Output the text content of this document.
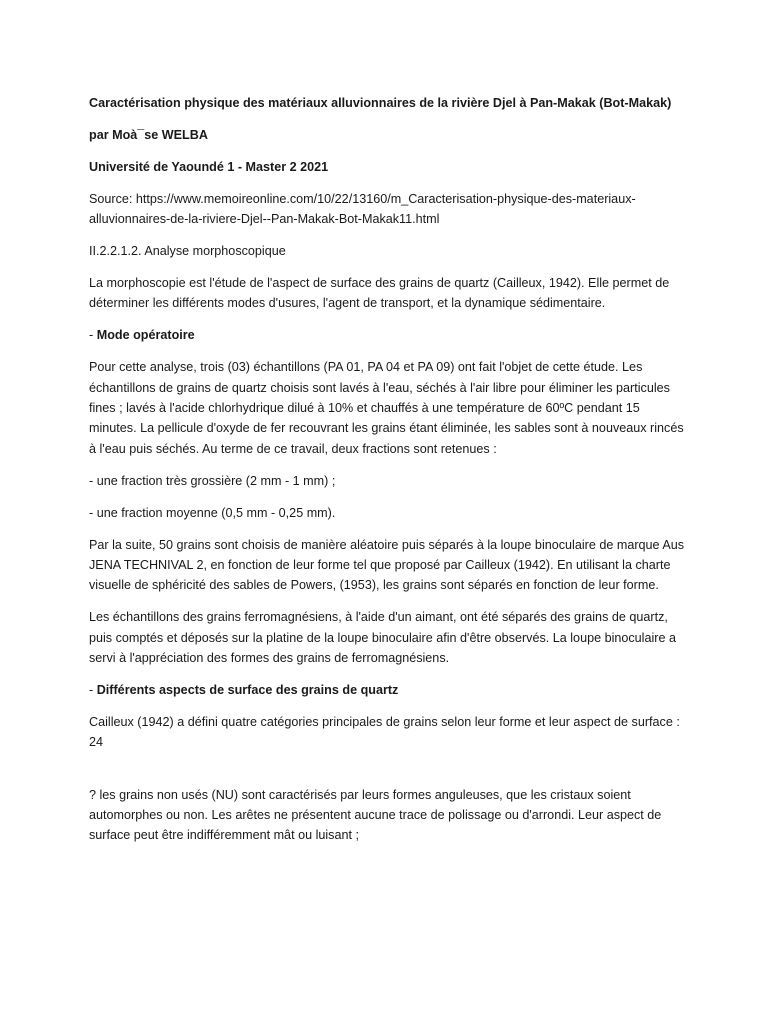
Caractérisation physique des matériaux alluvionnaires de la rivière Djel à Pan-Makak (Bot-Makak)

par Moà¯se WELBA

Université de Yaoundé 1 - Master 2 2021

Source: https://www.memoireonline.com/10/22/13160/m_Caracterisation-physique-des-materiaux-alluvionnaires-de-la-riviere-Djel--Pan-Makak-Bot-Makak11.html

II.2.2.1.2. Analyse morphoscopique

La morphoscopie est l'étude de l'aspect de surface des grains de quartz (Cailleux, 1942). Elle permet de déterminer les différents modes d'usures, l'agent de transport, et la dynamique sédimentaire.

- Mode opératoire

Pour cette analyse, trois (03) échantillons (PA 01, PA 04 et PA 09) ont fait l'objet de cette étude. Les échantillons de grains de quartz choisis sont lavés à l'eau, séchés à l'air libre pour éliminer les particules fines ; lavés à l'acide chlorhydrique dilué à 10% et chauffés à une température de 60ºC pendant 15 minutes. La pellicule d'oxyde de fer recouvrant les grains étant éliminée, les sables sont à nouveaux rincés à l'eau puis séchés. Au terme de ce travail, deux fractions sont retenues :

- une fraction très grossière (2 mm - 1 mm) ;

- une fraction moyenne (0,5 mm - 0,25 mm).

Par la suite, 50 grains sont choisis de manière aléatoire puis séparés à la loupe binoculaire de marque Aus JENA TECHNIVAL 2, en fonction de leur forme tel que proposé par Cailleux (1942). En utilisant la charte visuelle de sphéricité des sables de Powers, (1953), les grains sont séparés en fonction de leur forme.

Les échantillons des grains ferromagnésiens, à l'aide d'un aimant, ont été séparés des grains de quartz, puis comptés et déposés sur la platine de la loupe binoculaire afin d'être observés. La loupe binoculaire a servi à l'appréciation des formes des grains de ferromagnésiens.

- Différents aspects de surface des grains de quartz

Cailleux (1942) a défini quatre catégories principales de grains selon leur forme et leur aspect de surface : 24

? les grains non usés (NU) sont caractérisés par leurs formes anguleuses, que les cristaux soient automorphes ou non. Les arêtes ne présentent aucune trace de polissage ou d'arrondi. Leur aspect de surface peut être indifféremment mât ou luisant ;
